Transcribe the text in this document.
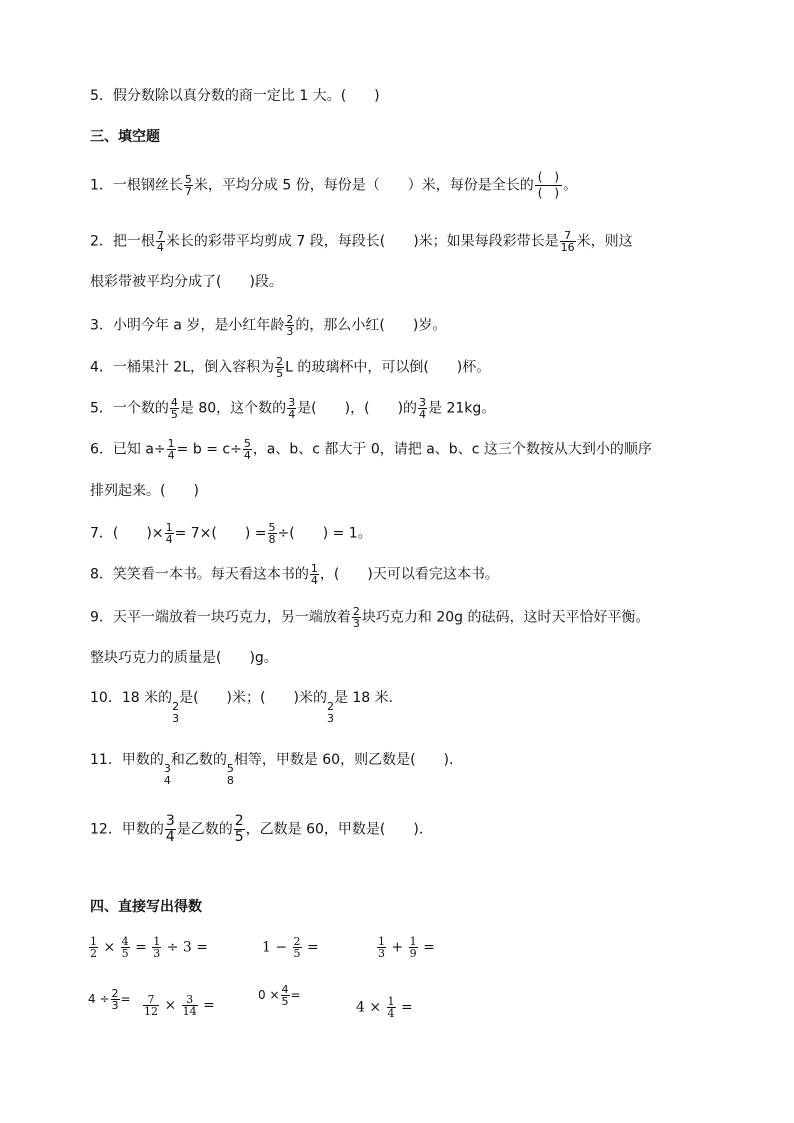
5．假分数除以真分数的商一定比 1 大。(　　)
三、填空题
1．一根钢丝长 $\frac{5}{7}$ 米，平均分成 5 份，每份是（　　）米，每份是全长的 $\frac{( )}{( )}$ 。
2．把一根 $\frac{7}{4}$ 米长的彩带平均剪成 7 段，每段长(　　)米；如果每段彩带长是 $\frac{7}{16}$ 米，则这
根彩带被平均分成了(　　)段。
3．小明今年 a 岁，是小红年龄 $\frac{2}{3}$ 的，那么小红(　　)岁。
4．一桶果汁 2L，倒入容积为 $\frac{2}{5}$ L 的玻璃杯中，可以倒(　　)杯。
5．一个数的 $\frac{4}{5}$ 是 80，这个数的 $\frac{3}{4}$ 是(　　)，(　　)的 $\frac{3}{4}$ 是 21kg。
6．已知 $a\div \frac{1}{4} = b = c\div \frac{5}{4}$ ，a、b、c 都大于 0，请把 a、b、c 这三个数按从大到小的顺序
排列起来。(　　)
7．(　　)× $\frac{1}{4} = 7\times$(　　) = $\frac{5}{8}$ ÷(　　) = 1。
8．笑笑看一本书。每天看这本书的 $\frac{1}{4}$ ，(　　)天可以看完这本书。
9．天平一端放着一块巧克力，另一端放着 $\frac{2}{3}$ 块巧克力和 20g 的砝码，这时天平恰好平衡。
整块巧克力的质量是(　　)g。
10．18 米的
2
3
是(　　)米；(　　)米的
2
3
是 18 米．
11．甲数的
3
4
和乙数的
5
8
相等，甲数是 60，则乙数是(　　)．
12．甲数的 $\frac{3}{4}$ 是乙数的 $\frac{2}{5}$ ，乙数是 60，甲数是(　　)．
四、直接写出得数
$\frac{1}{2} \times \frac{4}{5} = \frac{1}{3} \div 3$ =	$1 - \frac{2}{5}$ =	$\frac{1}{3} + \frac{1}{9}$ =
$4 \div \frac{2}{3} = \frac{7}{12} \times \frac{3}{14}$ =
$0 \times \frac{4}{5}$ =
$4 \times \frac{1}{4}$ =
